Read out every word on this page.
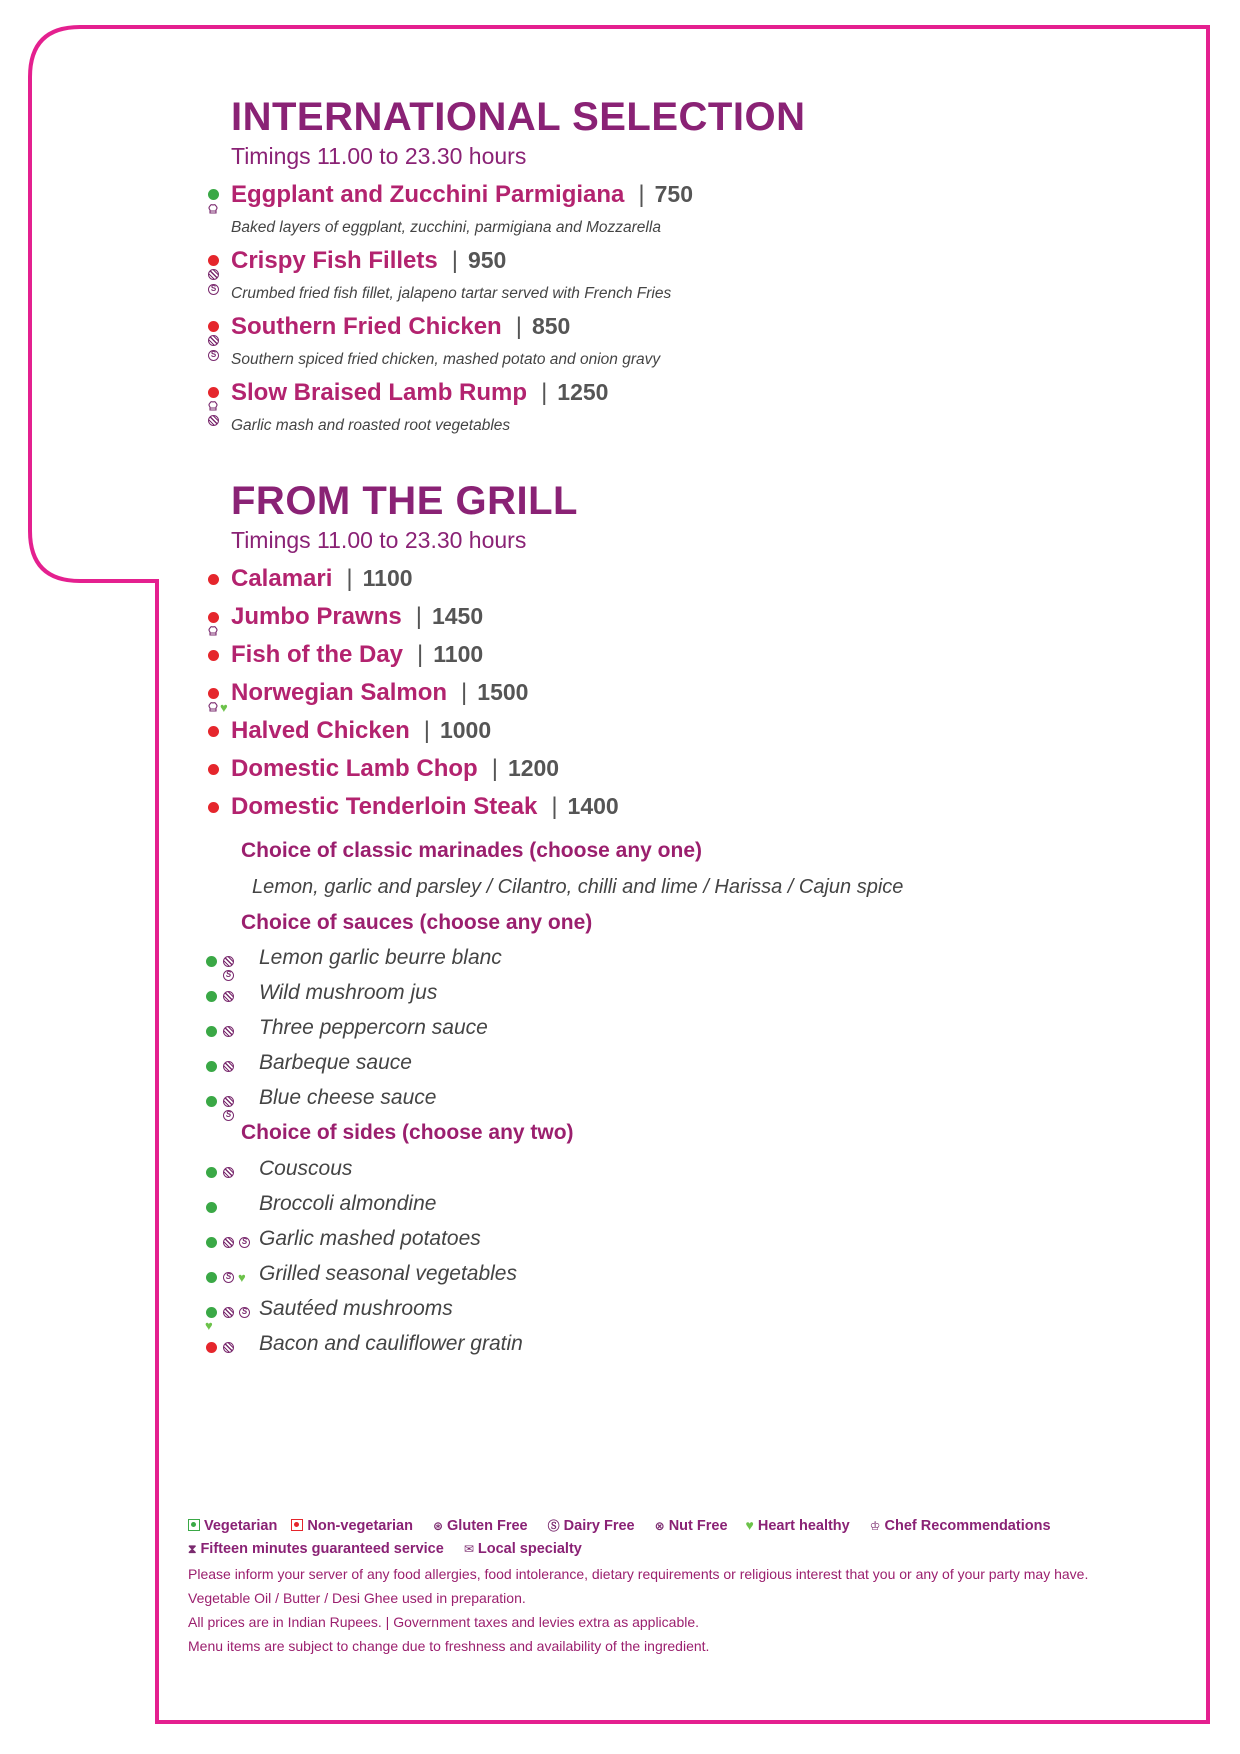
INTERNATIONAL SELECTION
Timings 11.00 to 23.30 hours
Eggplant and Zucchini Parmigiana | 750
Baked layers of eggplant, zucchini, parmigiana and Mozzarella
S
Crispy Fish Fillets | 950
Crumbed fried fish fillet, jalapeno tartar served with French Fries
S
Southern Fried Chicken | 850
Southern spiced fried chicken, mashed potato and onion gravy
Slow Braised Lamb Rump | 1250
Garlic mash and roasted root vegetables
FROM THE GRILL
Timings 11.00 to 23.30 hours
Calamari | 1100
Jumbo Prawns | 1450
Fish of the Day | 1100
♥
Norwegian Salmon | 1500
Halved Chicken | 1000
Domestic Lamb Chop | 1200
Domestic Tenderloin Steak | 1400
Choice of classic marinades (choose any one)
Lemon, garlic and parsley / Cilantro, chilli and lime / Harissa / Cajun spice
Choice of sauces (choose any one)
S
Lemon garlic beurre blanc
Wild mushroom jus
Three peppercorn sauce
Barbeque sauce
S
Blue cheese sauce
Choice of sides (choose any two)
Couscous
Broccoli almondine
S Garlic mashed potatoes
S ♥ Grilled seasonal vegetables
S
♥
Sautéed mushrooms
Bacon and cauliflower gratin
Vegetarian Non-vegetarian ⊛ Gluten Free Ⓢ Dairy Free ⊗ Nut Free ♥ Heart healthy ♔ Chef Recommendations
⧗ Fifteen minutes guaranteed service ✉ Local specialty
Please inform your server of any food allergies, food intolerance, dietary requirements or religious interest that you or any of your party may have.
Vegetable Oil / Butter / Desi Ghee used in preparation.
All prices are in Indian Rupees. | Government taxes and levies extra as applicable.
Menu items are subject to change due to freshness and availability of the ingredient.
